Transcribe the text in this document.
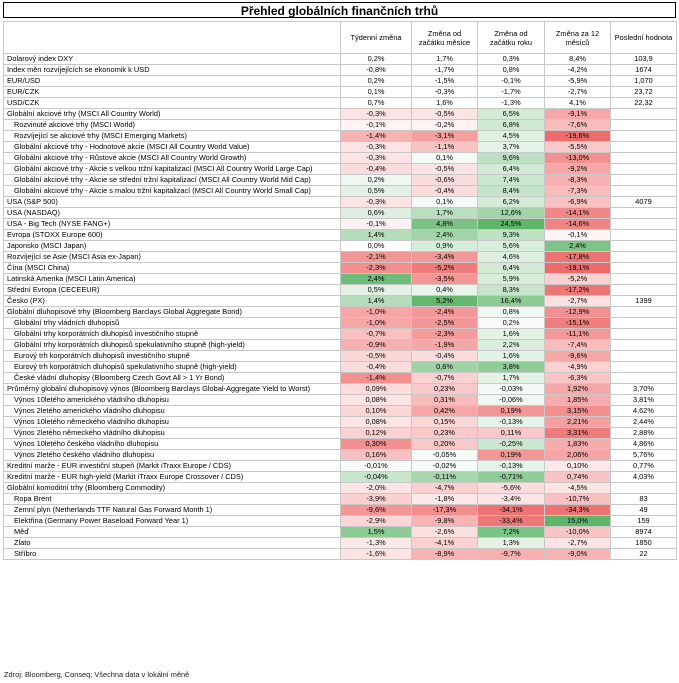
Přehled globálních finančních trhů
	Týdenní změna	Změna od začátku měsíce	Změna od začátku roku	Změna za 12 měsíců	Poslední hodnota
Dolarový index DXY	0,2%	1,7%	0,3%	8,4%	103,9
Index měn rozvíjejících se ekonomik k USD	-0,8%	-1,7%	0,8%	-4,2%	1674
EUR/USD	0,2%	-1,5%	-0,1%	-5,9%	1,070
EUR/CZK	0,1%	-0,3%	-1,7%	-2,7%	23,72
USD/CZK	0,7%	1,6%	-1,3%	4,1%	22,32
Globální akciové trhy (MSCI All Country World)	-0,3%	-0,5%	6,5%	-9,1%	
Rozvinuté akciové trhy (MSCI World)	-0,1%	-0,2%	6,8%	-7,6%	
Rozvíjející se akciové trhy (MSCI Emerging Markets)	-1,4%	-3,1%	4,5%	-19,6%	
Globální akciové trhy - Hodnotové akcie (MSCI All Country World Value)	-0,3%	-1,1%	3,7%	-5,5%	
Globální akciové trhy - Růstové akcie (MSCI All Country World Growth)	-0,3%	0,1%	9,6%	-13,0%	
Globální akciové trhy - Akcie s velkou tržní kapitalizací (MSCI All Country World Large Cap)	-0,4%	-0,5%	6,4%	-9,2%	
Globální akciové trhy - Akcie se střední tržní kapitalizací (MSCI All Country World Mid Cap)	0,2%	-0,6%	7,4%	-8,3%	
Globální akciové trhy - Akcie s malou tržní kapitalizací (MSCI All Country World Small Cap)	0,5%	-0,4%	8,4%	-7,3%	
USA (S&P 500)	-0,3%	0,1%	6,2%	-6,9%	4079
USA (NASDAQ)	0,6%	1,7%	12,6%	-14,1%	
USA - Big Tech (NYSE FANG+)	-0,1%	4,8%	24,5%	-14,6%	
Evropa (STOXX Europe 600)	1,4%	2,4%	9,3%	-0,1%	
Japonsko (MSCI Japan)	0,0%	0,9%	5,6%	2,4%	
Rozvíjející se Asie (MSCI Asia ex-Japan)	-2,1%	-3,4%	4,6%	-17,8%	
Čína (MSCI China)	-2,3%	-5,2%	6,4%	-19,1%	
Latinská Amerika (MSCI Latin America)	2,4%	-3,5%	5,9%	-5,2%	
Střední Evropa (CECEEUR)	0,5%	0,4%	8,3%	-17,2%	
Česko (PX)	1,4%	5,2%	16,4%	-2,7%	1399
Globální dluhopisové trhy (Bloomberg Barclays Global Aggregate Bond)	-1,0%	-2,4%	0,8%	-12,9%	
Globální trhy vládních dluhopisů	-1,0%	-2,5%	0,2%	-15,1%	
Globální trhy korporátních dluhopisů investičního stupně	-0,7%	-2,3%	1,6%	-11,1%	
Globální trhy korporátních dluhopisů spekulativního stupně (high-yield)	-0,9%	-1,9%	2,2%	-7,4%	
Eurový trh korporátních dluhopisů investičního stupně	-0,5%	-0,4%	1,6%	-9,6%	
Eurový trh korporátních dluhopisů spekulativního stupně (high-yield)	-0,4%	0,6%	3,8%	-4,9%	
České vládní dluhopisy (Bloomberg Czech Govt All > 1 Yr Bond)	-1,4%	-0,7%	1,7%	-6,3%	
Průměrný globální dluhopisový výnos (Bloomberg Barclays Global-Aggregate Yield to Worst)	0,09%	0,23%	-0,03%	1,92%	3,70%
Výnos 10letého amerického vládního dluhopisu	0,08%	0,31%	-0,06%	1,85%	3,81%
Výnos 2letého amerického vládního dluhopisu	0,10%	0,42%	0,19%	3,15%	4,62%
Výnos 10letého německého vládního dluhopisu	0,08%	0,15%	-0,13%	2,21%	2,44%
Výnos 2letého německého vládního dluhopisu	0,12%	0,23%	0,11%	3,31%	2,88%
Výnos 10letého českého vládního dluhopisu	0,30%	0,20%	-0,25%	1,83%	4,86%
Výnos 2letého českého vládního dluhopisu	0,16%	-0,05%	0,19%	2,06%	5,76%
Kreditní marže - EUR investiční stupeň (Markit iTraxx Europe / CDS)	-0,01%	-0,02%	-0,13%	0,10%	0,77%
Kreditní marže - EUR high-yield (Markit iTraxx Europe Crossover / CDS)	-0,04%	-0,11%	-0,71%	0,74%	4,03%
Globální komoditní trhy (Bloomberg Commodity)	-2,0%	-4,7%	-5,6%	-4,5%	
Ropa Brent	-3,9%	-1,8%	-3,4%	-10,7%	83
Zemní plyn (Netherlands TTF Natural Gas Forward Month 1)	-9,6%	-17,3%	-34,1%	-34,3%	49
Elektřina (Germany Power Baseload Forward Year 1)	-2,9%	-9,8%	-33,4%	15,0%	159
Měď	1,5%	-2,6%	7,2%	-10,0%	8974
Zlato	-1,3%	-4,1%	1,3%	-2,7%	1850
Stříbro	-1,6%	-8,9%	-9,7%	-9,0%	22
Zdroj: Bloomberg, Conseq; Všechna data v lokální měně
